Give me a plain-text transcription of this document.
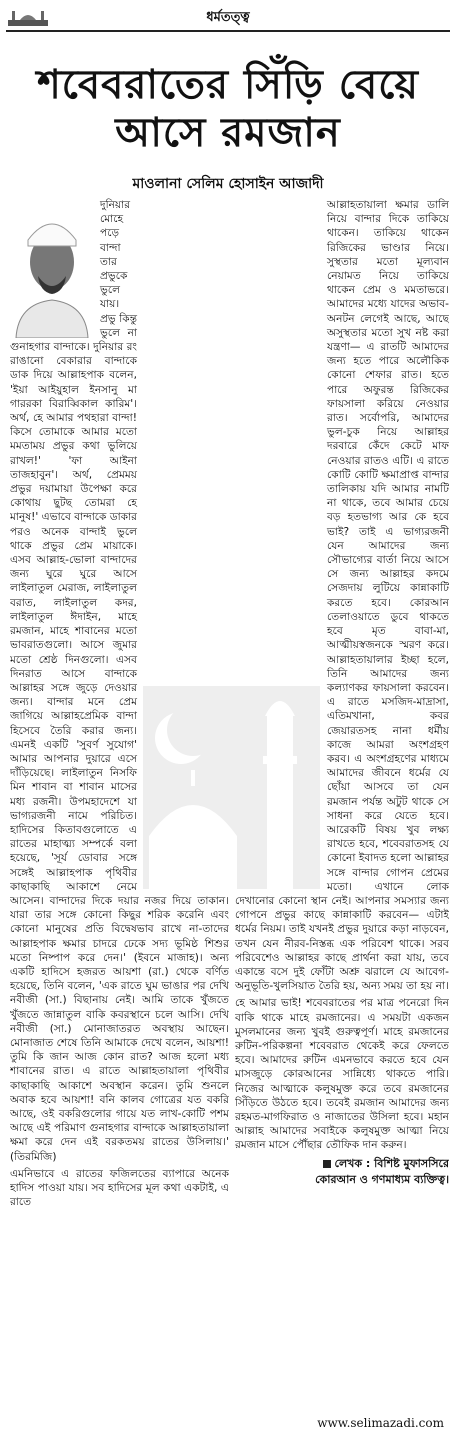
ধর্মতত্ত্ব
শবেবরাতের সিঁড়ি বেয়ে
আসে রমজান
মাওলানা সেলিম হোসাইন আজাদী

দুনিয়ার মোহে পড়ে বান্দা তার প্রভুকে ভুলে যায়। প্রভু কিন্তু ভুলে না গুনাহগার বান্দাকে। দুনিয়ার রং রাঙানো বেকারার বান্দাকে ডাক দিয়ে আল্লাহপাক বলেন, 'ইয়া আইয়ুহাল ইনসানু মা গাররকা বিরাব্বিকাল কারিম'। অর্থ, হে আমার পথহারা বান্দা! কিসে তোমাকে আমার মতো মমতাময় প্রভুর কথা ভুলিয়ে রাখল!' 'ফা আইনা তাজহাবুন'। অর্থ, প্রেমময় প্রভুর দয়ামায়া উপেক্ষা করে কোথায় ছুটছ তোমরা হে মানুষ!' এভাবে বান্দাকে ডাকার পরও অনেক বান্দাই ভুলে থাকে প্রভুর প্রেম মায়াকে। এসব আল্লাহ-ভোলা বান্দাদের জন্য ঘুরে ঘুরে আসে লাইলাতুল মেরাজ, লাইলাতুল বরাত, লাইলাতুল কদর, লাইলাতুল ঈদাইন, মাহে রমজান, মাহে শাবানের মতো ভাবরাতগুলো। আসে জুমার মতো শ্রেষ্ঠ দিনগুলো। এসব দিনরাত আসে বান্দাকে আল্লাহর সঙ্গে জুড়ে দেওয়ার জন্য। বান্দার মনে প্রেম জাগিয়ে আল্লাহপ্রেমিক বান্দা হিসেবে তৈরি করার জন্য। এমনই একটি 'সুবর্ণ সুযোগ' আমার আপনার দুয়ারে এসে দাঁড়িয়েছে। লাইলাতুন নিসফি মিন শাবান বা শাবান মাসের মধ্য রজনী। উপমহাদেশে যা ভাগ্যরজনী নামে পরিচিত। হাদিসের কিতাবগুলোতে এ রাতের মাহাত্ম্য সম্পর্কে বলা হয়েছে, 'সূর্য ডোবার সঙ্গে সঙ্গেই আল্লাহপাক পৃথিবীর কাছাকাছি আকাশে নেমে আসেন। বান্দাদের দিকে দয়ার নজর দিয়ে তাকান। যারা তার সঙ্গে কোনো কিছুর শরিক করেনি এবং কোনো মানুষের প্রতি বিদ্বেষভাব রাখে না-তাদের আল্লাহপাক ক্ষমার চাদরে ঢেকে সদ্য ভূমিষ্ঠ শিশুর মতো নিষ্পাপ করে দেন।' (ইবনে মাজাহ)। অন্য একটি হাদিসে হজরত আয়শা (রা.) থেকে বর্ণিত হয়েছে, তিনি বলেন, 'এক রাতে ঘুম ভাঙার পর দেখি নবীজী (সা.) বিছানায় নেই। আমি তাকে খুঁজতে খুঁজতে জান্নাতুল বাকি কবরস্থানে চলে আসি। দেখি নবীজী (সা.) মোনাজাতরত অবস্থায় আছেন। মোনাজাত শেষে তিনি আমাকে দেখে বলেন, আয়শা! তুমি কি জান আজ কোন রাত? আজ হলো মধ্য শাবানের রাত। এ রাতে আল্লাহতায়ালা পৃথিবীর কাছাকাছি আকাশে অবস্থান করেন। তুমি শুনলে অবাক হবে আয়শা! বনি কালব গোত্রের যত বকরি আছে, ওই বকরিগুলোর গায়ে যত লাখ-কোটি পশম আছে এই পরিমাণ গুনাহগার বান্দাকে আল্লাহতায়ালা ক্ষমা করে দেন এই বরকতময় রাতের উসিলায়।' (তিরমিজি)

এমনিভাবে এ রাতের ফজিলতের ব্যাপারে অনেক হাদিস পাওয়া যায়। সব হাদিসের মূল কথা একটাই, এ রাতে

আল্লাহতায়ালা ক্ষমার ডালি নিয়ে বান্দার দিকে তাকিয়ে থাকেন। তাকিয়ে থাকেন রিজিকের ভাণ্ডার নিয়ে। সুস্থতার মতো মূল্যবান নেয়ামত নিয়ে তাকিয়ে থাকেন প্রেম ও মমতাভরে। আমাদের মধ্যে যাদের অভাব-অনটন লেগেই আছে, আছে অসুস্থতার মতো সুখ নষ্ট করা যন্ত্রণা— এ রাতটি আমাদের জন্য হতে পারে অলৌকিক কোনো শেফার রাত। হতে পারে অফুরন্ত রিজিকের ফায়সালা করিয়ে নেওয়ার রাত। সর্বোপরি, আমাদের ভুল-চুক নিয়ে আল্লাহর দরবারে কেঁদে কেটে মাফ নেওয়ার রাতও এটি। এ রাতে কোটি কোটি ক্ষমাপ্রাপ্ত বান্দার তালিকায় যদি আমার নামটি না থাকে, তবে আমার চেয়ে বড় হতভাগ্য আর কে হবে ভাই? তাই এ ভাগ্যরজনী যেন আমাদের জন্য সৌভাগ্যের বার্তা নিয়ে আসে সে জন্য আল্লাহর কদমে সেজদায় লুটিয়ে কান্নাকাটি করতে হবে। কোরআন তেলাওয়াতে ডুবে থাকতে হবে মৃত বাবা-মা, আত্মীয়স্বজনকে স্মরণ করে। আল্লাহতায়ালার ইচ্ছা হলে, তিনি আমাদের জন্য কল্যাণকর ফায়সালা করবেন। এ রাতে মসজিদ-মাদ্রাসা, এতিমখানা, কবর জেয়ারতসহ নানা ধর্মীয় কাজে আমরা অংশগ্রহণ করব। এ অংশগ্রহণের মাধ্যমে আমাদের জীবনে ধর্মের যে ছোঁয়া আসবে তা যেন রমজান পর্যন্ত অটুট থাকে সে সাধনা করে যেতে হবে। আরেকটি বিষয় খুব লক্ষ্য রাখতে হবে, শবেবরাতসহ যে কোনো ইবাদত হলো আল্লাহর সঙ্গে বান্দার গোপন প্রেমের মতো। এখানে লোক দেখানোর কোনো স্থান নেই। আপনার সমস্যার জন্য গোপনে প্রভুর কাছে কান্নাকাটি করবেন— এটাই ধর্মের নিয়ম। তাই যখনই প্রভুর দুয়ারে কড়া নাড়বেন, তখন যেন নীরব-নিস্তব্ধ এক পরিবেশ থাকে। সরব পরিবেশেও আল্লাহর কাছে প্রার্থনা করা যায়, তবে একান্তে বসে দুই ফোঁটা অশ্রু ঝরালে যে আবেগ-অনুভূতি-খুলসিয়াত তৈরি হয়, অন্য সময় তা হয় না।

হে আমার ভাই! শবেবরাতের পর মাত্র পনেরো দিন বাকি থাকে মাহে রমজানের। এ সময়টা একজন মুসলমানের জন্য খুবই গুরুত্বপূর্ণ। মাহে রমজানের রুটিন-পরিকল্পনা শবেবরাত থেকেই করে ফেলতে হবে। আমাদের রুটিন এমনভাবে করতে হবে যেন মাসজুড়ে কোরআনের সান্নিধ্যে থাকতে পারি। নিজের আত্মাকে কলুষমুক্ত করে তবে রমজানের সিঁড়িতে উঠতে হবে। তবেই রমজান আমাদের জন্য রহমত-মাগফিরাত ও নাজাতের উসিলা হবে। মহান আল্লাহ আমাদের সবাইকে কলুষমুক্ত আত্মা নিয়ে রমজান মাসে পৌঁছার তৌফিক দান করুন।

লেখক : বিশিষ্ট মুফাসসিরে
কোরআন ও গণমাধ্যম ব্যক্তিত্ব।
www.selimazadi.com
